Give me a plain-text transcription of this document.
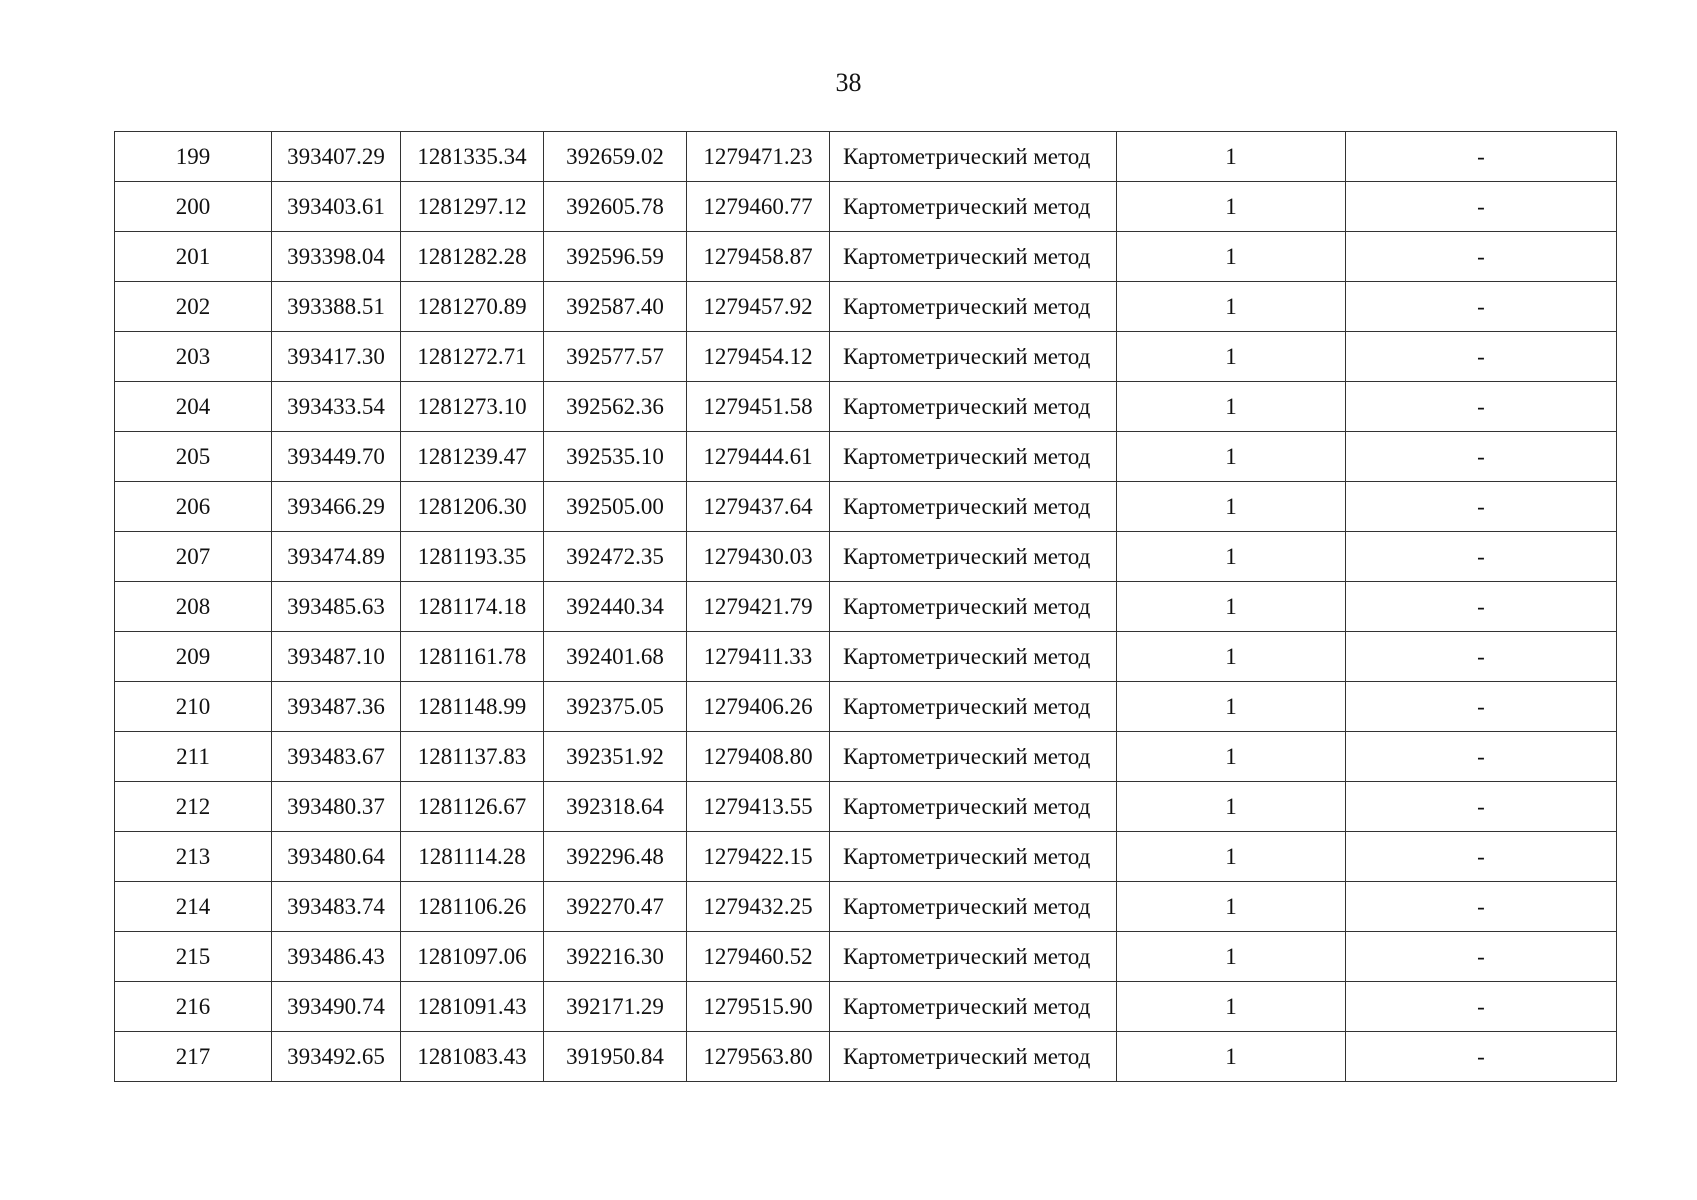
38
199	393407.29	1281335.34	392659.02	1279471.23	Картометрический метод	1	-
200	393403.61	1281297.12	392605.78	1279460.77	Картометрический метод	1	-
201	393398.04	1281282.28	392596.59	1279458.87	Картометрический метод	1	-
202	393388.51	1281270.89	392587.40	1279457.92	Картометрический метод	1	-
203	393417.30	1281272.71	392577.57	1279454.12	Картометрический метод	1	-
204	393433.54	1281273.10	392562.36	1279451.58	Картометрический метод	1	-
205	393449.70	1281239.47	392535.10	1279444.61	Картометрический метод	1	-
206	393466.29	1281206.30	392505.00	1279437.64	Картометрический метод	1	-
207	393474.89	1281193.35	392472.35	1279430.03	Картометрический метод	1	-
208	393485.63	1281174.18	392440.34	1279421.79	Картометрический метод	1	-
209	393487.10	1281161.78	392401.68	1279411.33	Картометрический метод	1	-
210	393487.36	1281148.99	392375.05	1279406.26	Картометрический метод	1	-
211	393483.67	1281137.83	392351.92	1279408.80	Картометрический метод	1	-
212	393480.37	1281126.67	392318.64	1279413.55	Картометрический метод	1	-
213	393480.64	1281114.28	392296.48	1279422.15	Картометрический метод	1	-
214	393483.74	1281106.26	392270.47	1279432.25	Картометрический метод	1	-
215	393486.43	1281097.06	392216.30	1279460.52	Картометрический метод	1	-
216	393490.74	1281091.43	392171.29	1279515.90	Картометрический метод	1	-
217	393492.65	1281083.43	391950.84	1279563.80	Картометрический метод	1	-
